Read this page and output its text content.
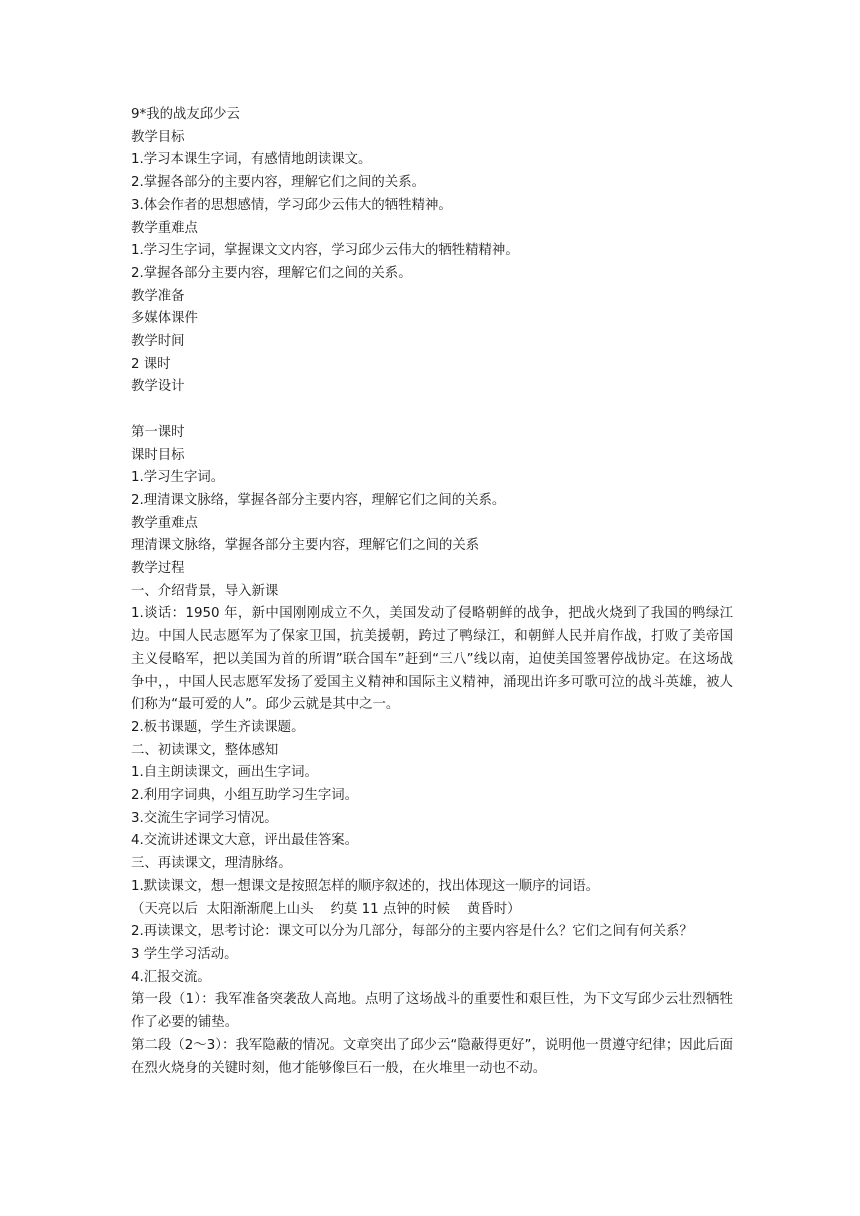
9*我的战友邱少云

教学目标

1.学习本课生字词，有感情地朗读课文。

2.掌握各部分的主要内容，理解它们之间的关系。

3.体会作者的思想感情，学习邱少云伟大的牺牲精神。

教学重难点

1.学习生字词，掌握课文文内容，学习邱少云伟大的牺牲精精神。

2.掌握各部分主要内容，理解它们之间的关系。

教学准备

多媒体课件

教学时间

2 课时

教学设计

第一课时

课时目标

1.学习生字词。

2.理清课文脉络，掌握各部分主要内容，理解它们之间的关系。

教学重难点

理清课文脉络，掌握各部分主要内容，理解它们之间的关系

教学过程

一、介绍背景，导入新课

1.谈话：1950 年，新中国刚刚成立不久，美国发动了侵略朝鲜的战争，把战火烧到了我国的鸭绿江边。中国人民志愿军为了保家卫国，抗美援朝，跨过了鸭绿江，和朝鲜人民并肩作战，打败了美帝国主义侵略军，把以美国为首的所谓”联合国车”赶到“三八”线以南，迫使美国签署停战协定。在这场战争中，，中国人民志愿军发扬了爱国主义精神和国际主义精神，涌现出许多可歌可泣的战斗英雄，被人们称为“最可爱的人”。邱少云就是其中之一。

2.板书课题，学生齐读课题。

二、初读课文，整体感知

1.自主朗读课文，画出生字词。

2.利用字词典，小组互助学习生字词。

3.交流生字词学习情况。

4.交流讲述课文大意，评出最佳答案。

三、再读课文，理清脉络。

1.默读课文，想一想课文是按照怎样的顺序叙述的，找出体现这一顺序的词语。

（天亮以后  太阳渐渐爬上山头    约莫 11 点钟的时候    黄昏时）

2.再读课文，思考讨论：课文可以分为几部分，每部分的主要内容是什么？它们之间有何关系？

3 学生学习活动。

4.汇报交流。

第一段（1）：我军准备突袭敌人高地。点明了这场战斗的重要性和艰巨性，为下文写邱少云壮烈牺牲作了必要的铺垫。

第二段（2～3）：我军隐蔽的情况。文章突出了邱少云“隐蔽得更好”，说明他一贯遵守纪律；因此后面在烈火烧身的关键时刻，他才能够像巨石一般，在火堆里一动也不动。
